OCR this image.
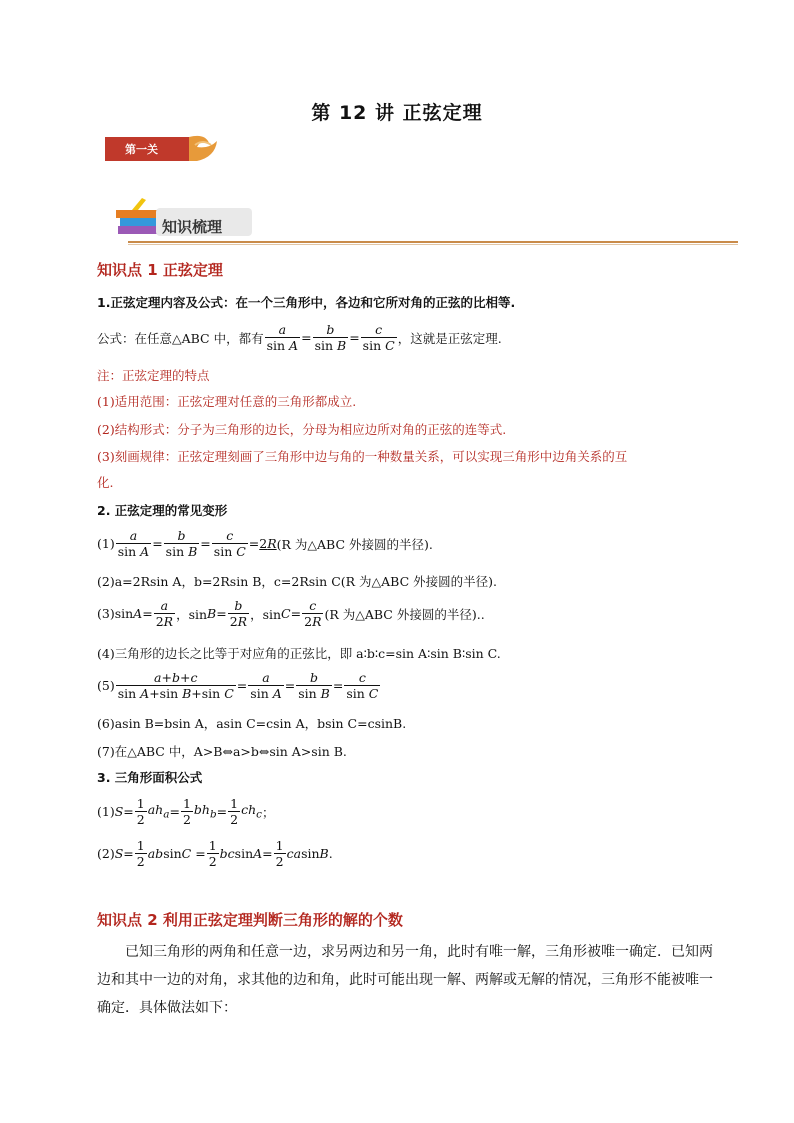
第 12 讲 正弦定理
第一关
知识梳理
知识点 1 正弦定理
1.正弦定理内容及公式：在一个三角形中，各边和它所对角的正弦的比相等.
公式：在任意△ABC 中，都有 $\frac{a}{\text{sin A}} = \frac{b}{\text{sin B}} = \frac{c}{\text{sin C}}$ ，这就是正弦定理.
注：正弦定理的特点
(1)适用范围：正弦定理对任意的三角形都成立.
(2)结构形式：分子为三角形的边长，分母为相应边所对角的正弦的连等式.
(3)刻画规律：正弦定理刻画了三角形中边与角的一种数量关系，可以实现三角形中边角关系的互
化.
2. 正弦定理的常见变形
$(1) \frac{a}{\text{sin A}} = \frac{b}{\text{sin B}} = \frac{c}{\text{sin C}} = 2R$ (R 为△ABC 外接圆的半径).
(2)a=2Rsin A，b=2Rsin B，c=2Rsin C(R 为△ABC 外接圆的半径).
(3)sin $A = \frac{a}{2R}$ ，$\sin B = \frac{b}{2R}$ ，$\sin C = \frac{c}{2R} (R$ 为△ABC 外接圆的半径)..
(4)三角形的边长之比等于对应角的正弦比，即 a∶b∶c=sin A∶sin B∶sin C.
$(5) \frac{a+b+c}{\text{sin A+sin B+sin C}} = \frac{a}{\text{sin A}} = \frac{b}{\text{sin B}} = \frac{c}{\text{sin C}}$
(6)asin B=bsin A，asin C=csin A，bsin C=csinB.
(7)在△ABC 中，A>B⇔a>b⇔sin A>sin B.
3. 三角形面积公式
(1) $S = \frac{1}{2} ah_a = \frac{1}{2} bh_b = \frac{1}{2} ch_c$ ；
(2) $S = \frac{1}{2}$ ab $\sin C = \frac{1}{2}$ bc $\sin A = \frac{1}{2}$ ca sin B .
知识点 2 利用正弦定理判断三角形的解的个数
已知三角形的两角和任意一边，求另两边和另一角，此时有唯一解，三角形被唯一确定．已知两边和其中一边的对角，求其他的边和角，此时可能出现一解、两解或无解的情况，三角形不能被唯一确定．具体做法如下：
